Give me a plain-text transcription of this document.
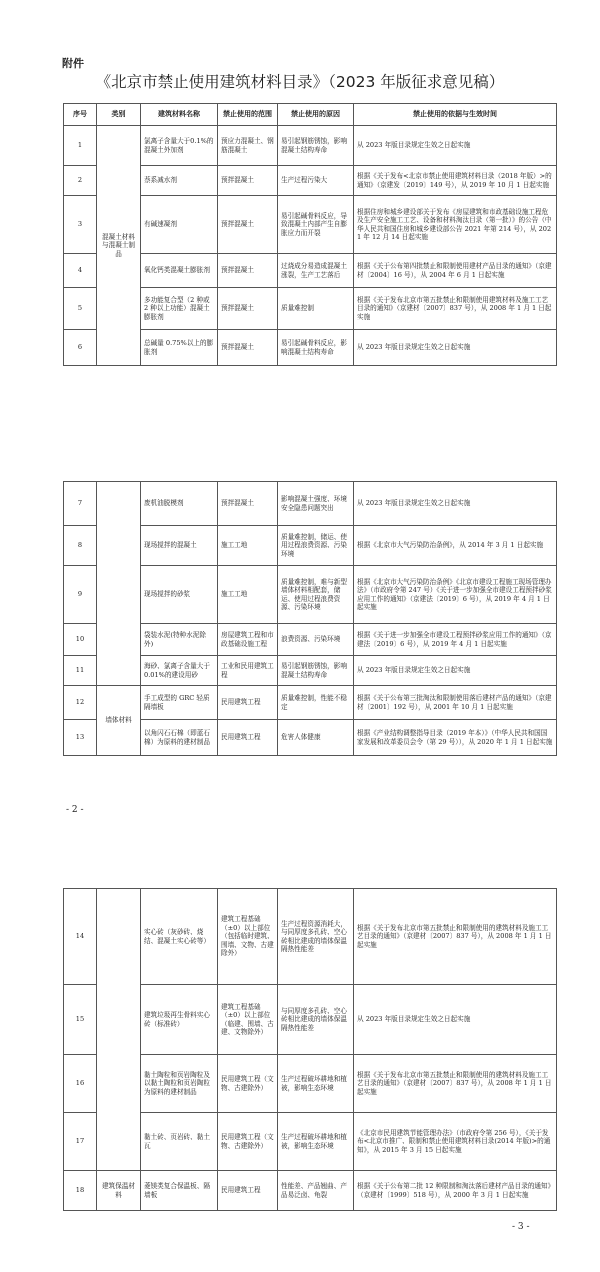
附件
《北京市禁止使用建筑材料目录》（2023 年版征求意见稿）
序号	类别	建筑材料名称	禁止使用的范围	禁止使用的原因	禁止使用的依据与生效时间
1	混凝土材料与混凝土制品	氯离子含量大于0.1%的混凝土外加剂	预应力混凝土、钢筋混凝土	易引起钢筋锈蚀，影响混凝土结构寿命	从 2023 年版目录规定生效之日起实施
2		萘系减水剂	预拌混凝土	生产过程污染大	根据《关于发布<北京市禁止使用建筑材料目录（2018 年版）>的通知》（京建发〔2019〕149 号），从 2019 年 10 月 1 日起实施
3		有碱速凝剂	预拌混凝土	易引起碱骨料反应，导致混凝土内部产生自膨胀应力而开裂	根据住房和城乡建设部关于发布《房屋建筑和市政基础设施工程危及生产安全施工工艺、设备和材料淘汰目录（第一批）》的公告（中华人民共和国住房和城乡建设部公告 2021 年第 214 号），从 2021 年 12 月 14 日起实施
4		氧化钙类混凝土膨胀剂	预拌混凝土	过烧成分易造成混凝土涨裂，生产工艺落后	根据《关于公布第四批禁止和限制使用建材产品目录的通知》（京建材〔2004〕16 号），从 2004 年 6 月 1 日起实施
5		多功能复合型（2 种或 2 种以上功能）混凝土膨胀剂	预拌混凝土	质量难控制	根据《关于发布北京市第五批禁止和限制使用建筑材料及施工工艺目录的通知》（京建材〔2007〕837 号），从 2008 年 1 月 1 日起实施
6		总碱量 0.75%以上的膨胀剂	预拌混凝土	易引起碱骨料反应，影响混凝土结构寿命	从 2023 年版目录规定生效之日起实施
7		废机油脱模剂	预拌混凝土	影响混凝土强度、环境安全隐患问题突出	从 2023 年版目录规定生效之日起实施
8		现场搅拌的混凝土	施工工地	质量难控制，储运、使用过程浪费资源、污染环境	根据《北京市大气污染防治条例》，从 2014 年 3 月 1 日起实施
9		现场搅拌的砂浆	施工工地	质量难控制，难与新型墙体材料相配套，储运、使用过程浪费资源、污染环境	根据《北京市大气污染防治条例》《北京市建设工程施工现场管理办法》（市政府令第 247 号）《关于进一步加强全市建设工程预拌砂浆应用工作的通知》（京建法〔2019〕6 号），从 2019 年 4 月 1 日起实施
10		袋装水泥(特种水泥除外)	房屋建筑工程和市政基础设施工程	浪费资源、污染环境	根据《关于进一步加强全市建设工程预拌砂浆应用工作的通知》（京建法〔2019〕6 号），从 2019 年 4 月 1 日起实施
11		海砂、氯离子含量大于 0.01%的建设用砂	工业和民用建筑工程	易引起钢筋锈蚀，影响混凝土结构寿命	从 2023 年版目录规定生效之日起实施
12	墙体材料	手工成型的 GRC 轻质隔墙板	民用建筑工程	质量难控制，性能不稳定	根据《关于公布第三批淘汰和限制使用落后建材产品的通知》（京建材〔2001〕192 号），从 2001 年 10 月 1 日起实施
13		以角闪石石棉（即蓝石棉）为原料的建材制品	民用建筑工程	危害人体健康	根据《产业结构调整指导目录（2019 年本）》（中华人民共和国国家发展和改革委员会令（第 29 号）），从 2020 年 1 月 1 日起实施
- 2 -
14		实心砖（灰砂砖、烧结、混凝土实心砖等）	建筑工程基础（±0）以上部位（包括临时建筑、围墙、文物、古建除外）	生产过程资源消耗大，与同厚度多孔砖、空心砖相比建成的墙体保温隔热性能差	根据《关于发布北京市第五批禁止和限制使用的建筑材料及施工工艺目录的通知》（京建材〔2007〕837 号），从 2008 年 1 月 1 日起实施
15		建筑垃圾再生骨料实心砖（标准砖）	建筑工程基础（±0）以上部位（临建、围墙、古建、文物除外）	与同厚度多孔砖、空心砖相比建成的墙体保温隔热性能差	从 2023 年版目录规定生效之日起实施
16		黏土陶粒和页岩陶粒及以黏土陶粒和页岩陶粒为原料的建材制品	民用建筑工程（文物、古建除外）	生产过程破坏耕地和植被，影响生态环境	根据《关于发布北京市第五批禁止和限制使用的建筑材料及施工工艺目录的通知》（京建材〔2007〕837 号），从 2008 年 1 月 1 日起实施
17		黏土砖、页岩砖、黏土瓦	民用建筑工程（文物、古建除外）	生产过程破坏耕地和植被，影响生态环境	《北京市民用建筑节能管理办法》（市政府令第 256 号），《关于发布<北京市推广、限制和禁止使用建筑材料目录(2014 年版)>的通知》，从 2015 年 3 月 15 日起实施
18	建筑保温材料	菱镁类复合保温板、隔墙板	民用建筑工程	性能差、产品翘曲、产品易泛卤、龟裂	根据《关于公布第二批 12 种限制和淘汰落后建材产品目录的通知》（京建材〔1999〕518 号），从 2000 年 3 月 1 日起实施
- 3 -
